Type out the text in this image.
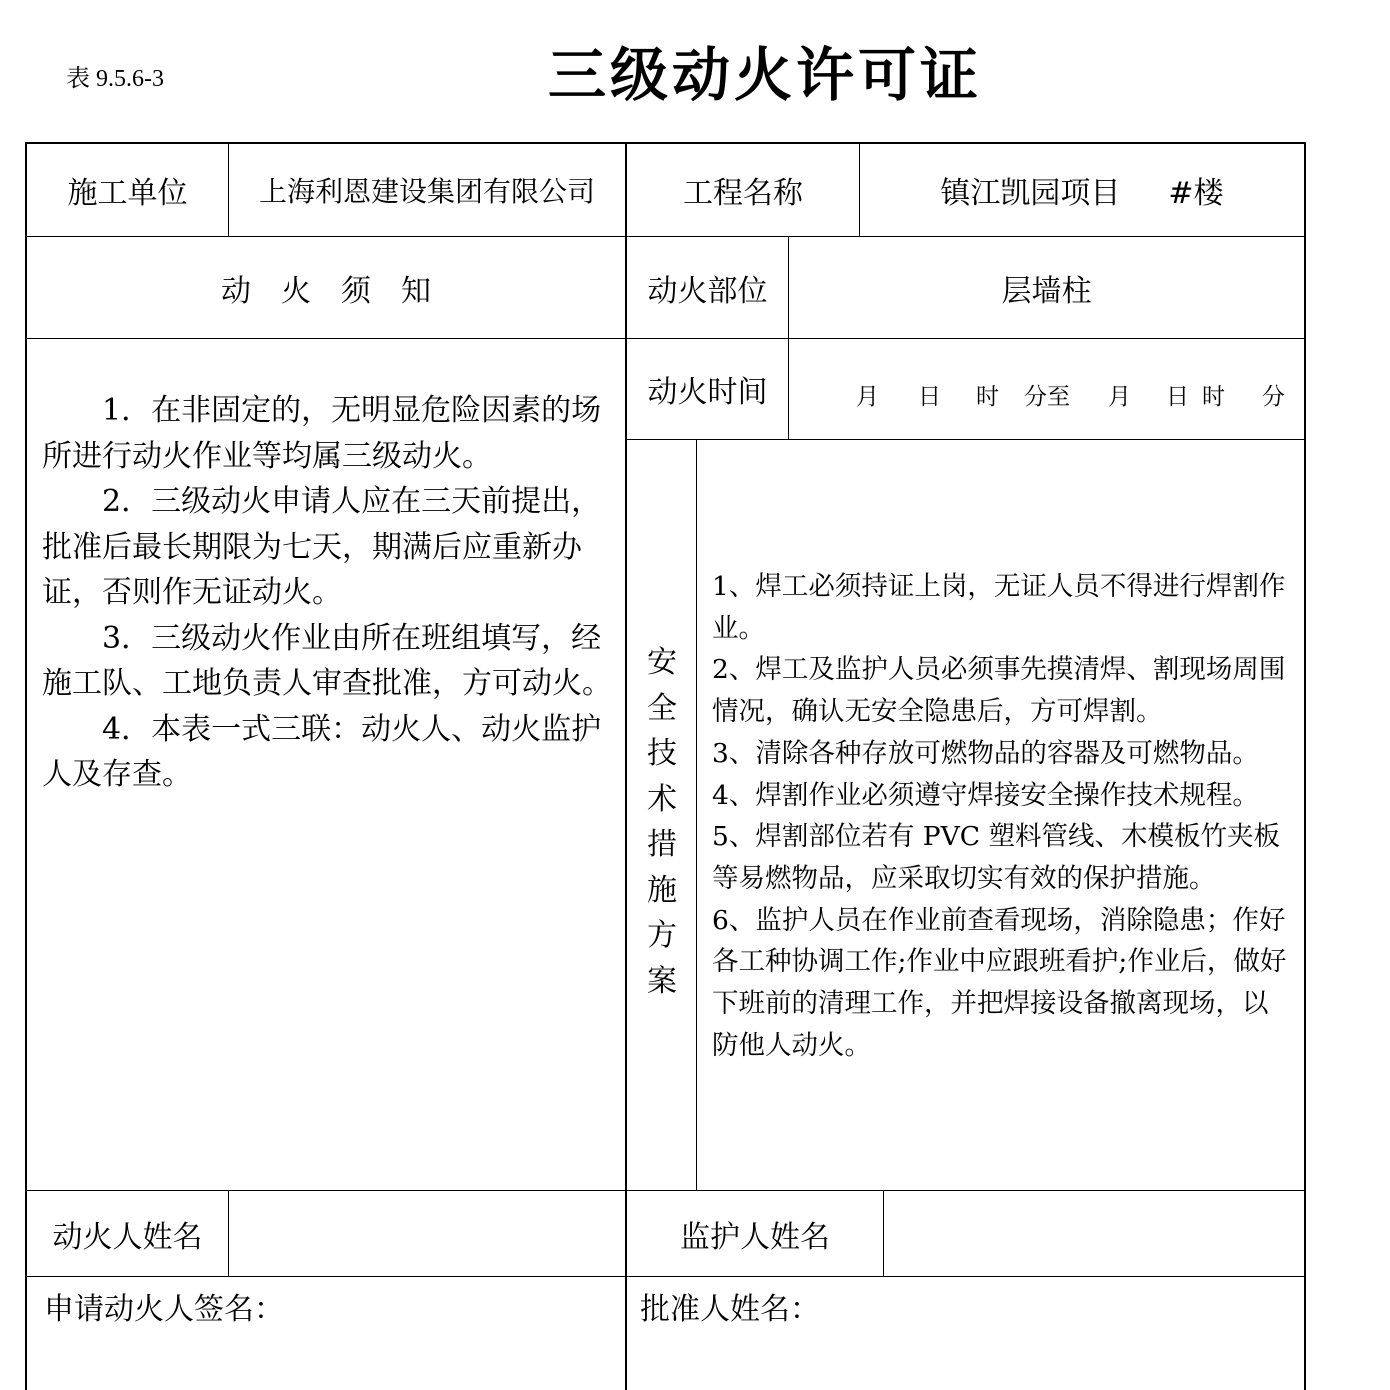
表 9.5.6-3	三级动火许可证
施工单位	上海利恩建设集团有限公司	工程名称	镇江凯园项目 #楼
动　火　须　知	动火部位	层墙柱
动火时间	月	日	时	分至	月	日 时	分

1．在非固定的，无明显危险因素的场所进行动火作业等均属三级动火。

2．三级动火申请人应在三天前提出，批准后最长期限为七天，期满后应重新办证，否则作无证动火。

3．三级动火作业由所在班组填写，经施工队、工地负责人审查批准，方可动火。

4．本表一式三联：动火人、动火监护人及存查。

安
全
技
术
措
施
方
案

1、焊工必须持证上岗，无证人员不得进行焊割作业。

2、焊工及监护人员必须事先摸清焊、割现场周围情况，确认无安全隐患后，方可焊割。

3、清除各种存放可燃物品的容器及可燃物品。

4、焊割作业必须遵守焊接安全操作技术规程。

5、焊割部位若有 PVC 塑料管线、木模板竹夹板等易燃物品，应采取切实有效的保护措施。

6、监护人员在作业前查看现场，消除隐患；作好各工种协调工作;作业中应跟班看护;作业后，做好下班前的清理工作，并把焊接设备撤离现场，以防他人动火。

动火人姓名	监护人姓名
申请动火人签名：	批准人姓名：
